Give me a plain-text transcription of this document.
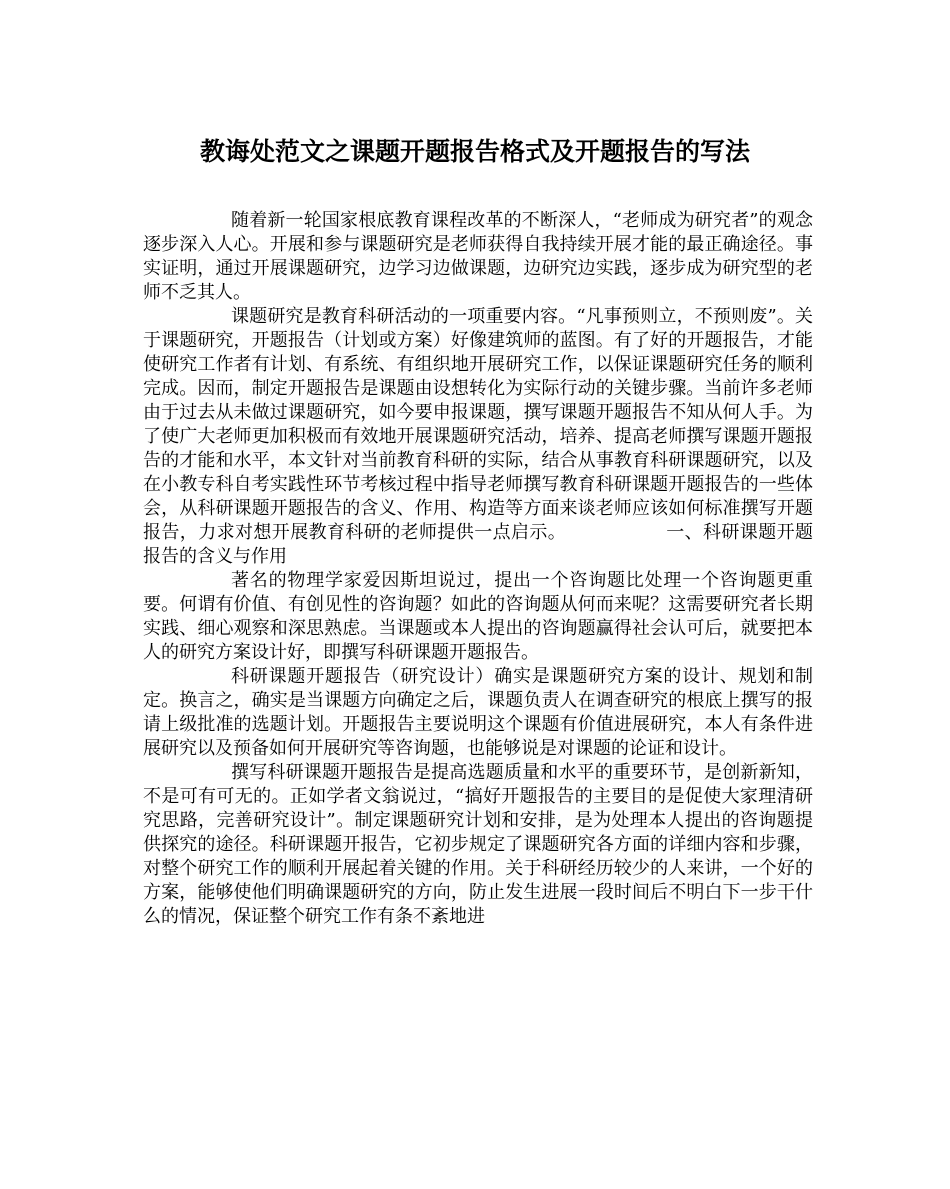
教诲处范文之课题开题报告格式及开题报告的写法

随着新一轮国家根底教育课程改革的不断深人，“老师成为研究者”的观念逐步深入人心。开展和参与课题研究是老师获得自我持续开展才能的最正确途径。事实证明，通过开展课题研究，边学习边做课题，边研究边实践，逐步成为研究型的老师不乏其人。

课题研究是教育科研活动的一项重要内容。“凡事预则立，不预则废”。关于课题研究，开题报告（计划或方案）好像建筑师的蓝图。有了好的开题报告，才能使研究工作者有计划、有系统、有组织地开展研究工作，以保证课题研究任务的顺利完成。因而，制定开题报告是课题由设想转化为实际行动的关键步骤。当前许多老师由于过去从未做过课题研究，如今要申报课题，撰写课题开题报告不知从何人手。为了使广大老师更加积极而有效地开展课题研究活动，培养、提高老师撰写课题开题报告的才能和水平，本文针对当前教育科研的实际，结合从事教育科研课题研究，以及在小教专科自考实践性环节考核过程中指导老师撰写教育科研课题开题报告的一些体会，从科研课题开题报告的含义、作用、构造等方面来谈老师应该如何标准撰写开题报告，力求对想开展教育科研的老师提供一点启示。	一、科研课题开题报告的含义与作用

著名的物理学家爱因斯坦说过，提出一个咨询题比处理一个咨询题更重要。何谓有价值、有创见性的咨询题？如此的咨询题从何而来呢？这需要研究者长期实践、细心观察和深思熟虑。当课题或本人提出的咨询题赢得社会认可后，就要把本人的研究方案设计好，即撰写科研课题开题报告。

科研课题开题报告（研究设计）确实是课题研究方案的设计、规划和制定。换言之，确实是当课题方向确定之后，课题负责人在调查研究的根底上撰写的报请上级批准的选题计划。开题报告主要说明这个课题有价值进展研究，本人有条件进展研究以及预备如何开展研究等咨询题，也能够说是对课题的论证和设计。

撰写科研课题开题报告是提高选题质量和水平的重要环节，是创新新知，不是可有可无的。正如学者文翁说过，“搞好开题报告的主要目的是促使大家理清研究思路，完善研究设计”。制定课题研究计划和安排，是为处理本人提出的咨询题提供探究的途径。科研课题开报告，它初步规定了课题研究各方面的详细内容和步骤，对整个研究工作的顺利开展起着关键的作用。关于科研经历较少的人来讲，一个好的方案，能够使他们明确课题研究的方向，防止发生进展一段时间后不明白下一步干什么的情况，保证整个研究工作有条不紊地进
